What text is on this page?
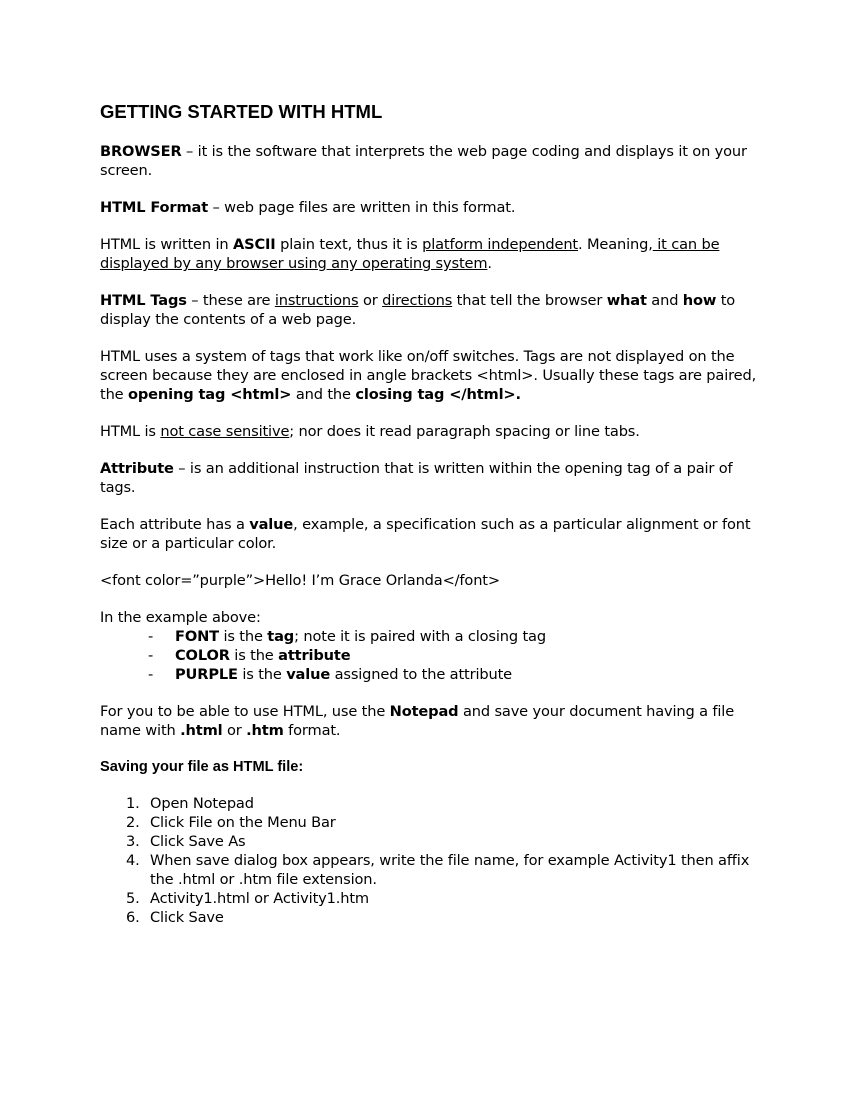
GETTING STARTED WITH HTML

BROWSER – it is the software that interprets the web page coding and displays it on your screen.

HTML Format – web page files are written in this format.

HTML is written in ASCII plain text, thus it is platform independent. Meaning, it can be displayed by any browser using any operating system.

HTML Tags – these are instructions or directions that tell the browser what and how to display the contents of a web page.

HTML uses a system of tags that work like on/off switches. Tags are not displayed on the screen because they are enclosed in angle brackets <html>. Usually these tags are paired, the opening tag <html> and the closing tag </html>.

HTML is not case sensitive; nor does it read paragraph spacing or line tabs.

Attribute – is an additional instruction that is written within the opening tag of a pair of tags.

Each attribute has a value, example, a specification such as a particular alignment or font size or a particular color.

<font color=”purple”>Hello! I’m Grace Orlanda</font>

In the example above:
- FONT is the tag; note it is paired with a closing tag
- COLOR is the attribute
- PURPLE is the value assigned to the attribute

For you to be able to use HTML, use the Notepad and save your document having a file name with .html or .htm format.

Saving your file as HTML file:
1. Open Notepad
2. Click File on the Menu Bar
3. Click Save As
4. When save dialog box appears, write the file name, for example Activity1 then affix the .html or .htm file extension.
5. Activity1.html or Activity1.htm
6. Click Save
